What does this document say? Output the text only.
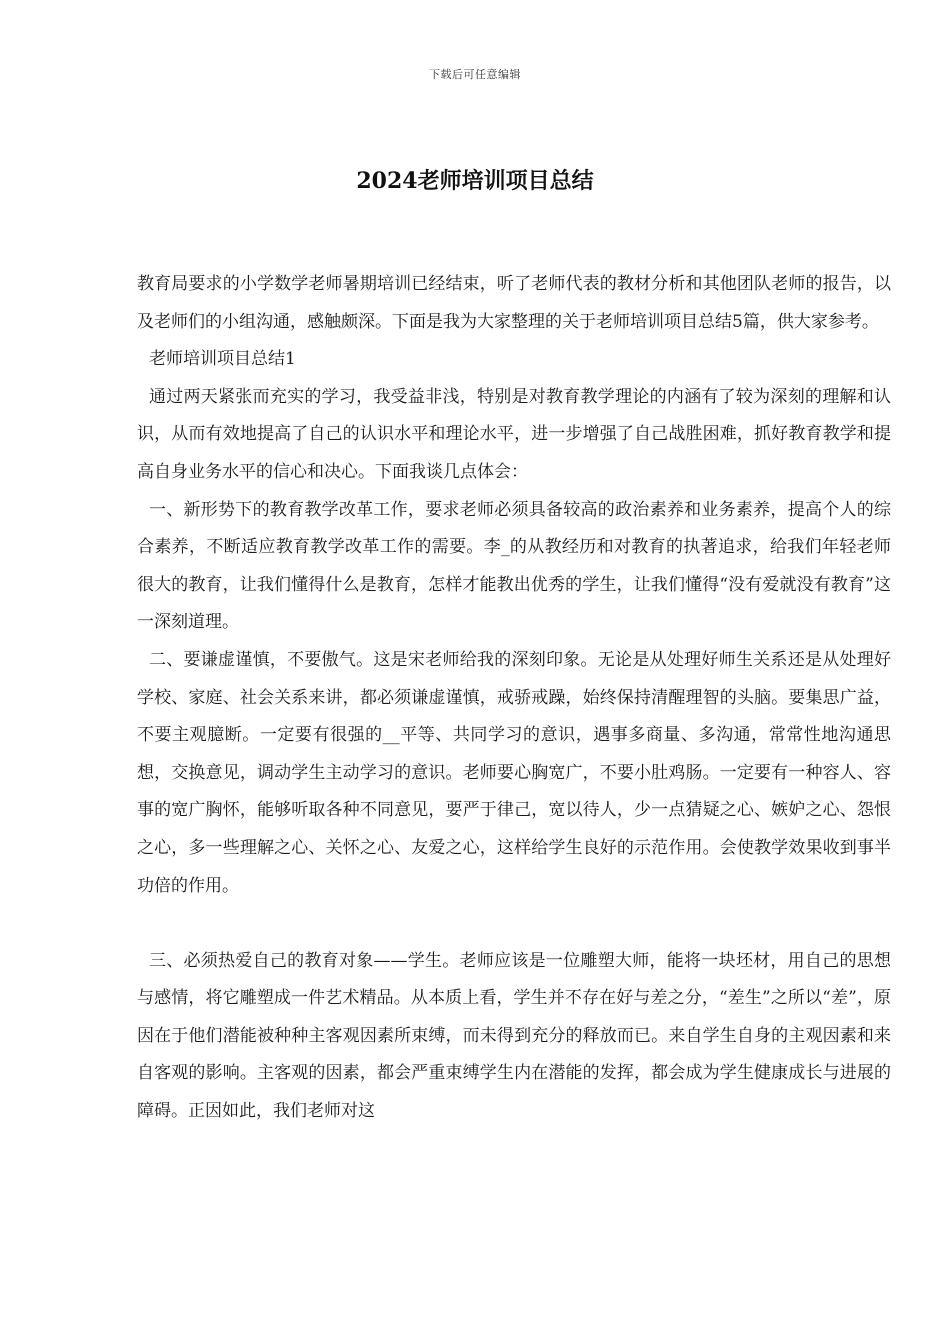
下载后可任意编辑
2024老师培训项目总结

教育局要求的小学数学老师暑期培训已经结束，听了老师代表的教材分析和其他团队老师的报告，以及老师们的小组沟通，感触颇深。下面是我为大家整理的关于老师培训项目总结5篇，供大家参考。

老师培训项目总结1

通过两天紧张而充实的学习，我受益非浅，特别是对教育教学理论的内涵有了较为深刻的理解和认识，从而有效地提高了自己的认识水平和理论水平，进一步增强了自己战胜困难，抓好教育教学和提高自身业务水平的信心和决心。下面我谈几点体会：

一、新形势下的教育教学改革工作，要求老师必须具备较高的政治素养和业务素养，提高个人的综合素养，不断适应教育教学改革工作的需要。李_的从教经历和对教育的执著追求，给我们年轻老师很大的教育，让我们懂得什么是教育，怎样才能教出优秀的学生，让我们懂得“没有爱就没有教育”这一深刻道理。

二、要谦虚谨慎，不要傲气。这是宋老师给我的深刻印象。无论是从处理好师生关系还是从处理好学校、家庭、社会关系来讲，都必须谦虚谨慎，戒骄戒躁，始终保持清醒理智的头脑。要集思广益，不要主观臆断。一定要有很强的__平等、共同学习的意识，遇事多商量、多沟通，常常性地沟通思想，交换意见，调动学生主动学习的意识。老师要心胸宽广，不要小肚鸡肠。一定要有一种容人、容事的宽广胸怀，能够听取各种不同意见，要严于律己，宽以待人，少一点猜疑之心、嫉妒之心、怨恨之心，多一些理解之心、关怀之心、友爱之心，这样给学生良好的示范作用。会使教学效果收到事半功倍的作用。

三、必须热爱自己的教育对象——学生。老师应该是一位雕塑大师，能将一块坯材，用自己的思想与感情，将它雕塑成一件艺术精品。从本质上看，学生并不存在好与差之分，“差生”之所以“差”，原因在于他们潜能被种种主客观因素所束缚，而未得到充分的释放而已。来自学生自身的主观因素和来自客观的影响。主客观的因素，都会严重束缚学生内在潜能的发挥，都会成为学生健康成长与进展的障碍。正因如此，我们老师对这
